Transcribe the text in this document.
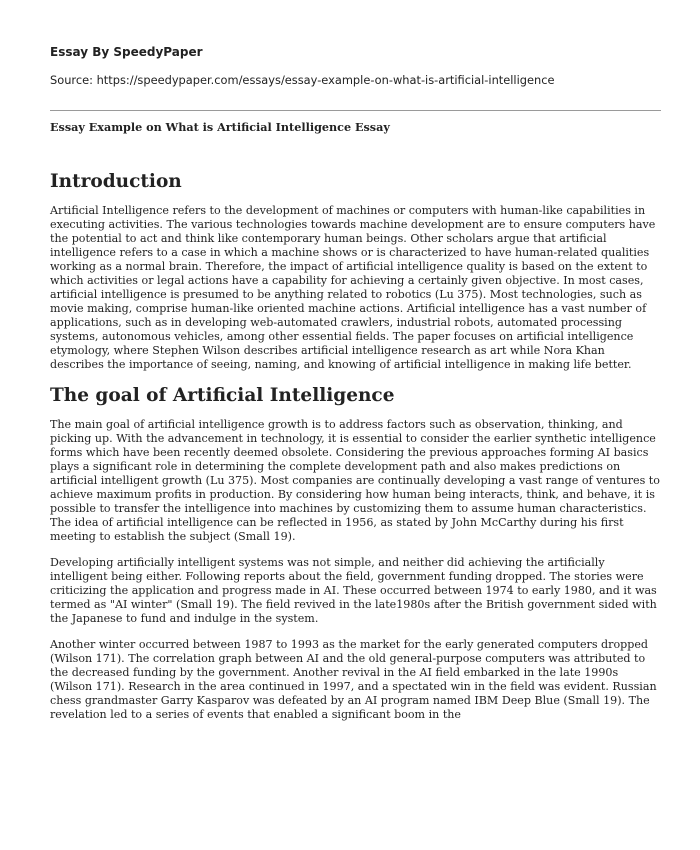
Essay By SpeedyPaper
Source: https://speedypaper.com/essays/essay-example-on-what-is-artificial-intelligence
Essay Example on What is Artificial Intelligence Essay
Introduction

Artificial Intelligence refers to the development of machines or computers with human-like capabilities in executing activities. The various technologies towards machine development are to ensure computers have the potential to act and think like contemporary human beings. Other scholars argue that artificial intelligence refers to a case in which a machine shows or is characterized to have human-related qualities working as a normal brain. Therefore, the impact of artificial intelligence quality is based on the extent to which activities or legal actions have a capability for achieving a certainly given objective. In most cases, artificial intelligence is presumed to be anything related to robotics (Lu 375). Most technologies, such as movie making, comprise human-like oriented machine actions. Artificial intelligence has a vast number of applications, such as in developing web-automated crawlers, industrial robots, automated processing systems, autonomous vehicles, among other essential fields. The paper focuses on artificial intelligence etymology, where Stephen Wilson describes artificial intelligence research as art while Nora Khan describes the importance of seeing, naming, and knowing of artificial intelligence in making life better.

The goal of Artificial Intelligence

The main goal of artificial intelligence growth is to address factors such as observation, thinking, and picking up. With the advancement in technology, it is essential to consider the earlier synthetic intelligence forms which have been recently deemed obsolete. Considering the previous approaches forming AI basics plays a significant role in determining the complete development path and also makes predictions on artificial intelligent growth (Lu 375). Most companies are continually developing a vast range of ventures to achieve maximum profits in production. By considering how human being interacts, think, and behave, it is possible to transfer the intelligence into machines by customizing them to assume human characteristics. The idea of artificial intelligence can be reflected in 1956, as stated by John McCarthy during his first meeting to establish the subject (Small 19).

Developing artificially intelligent systems was not simple, and neither did achieving the artificially intelligent being either. Following reports about the field, government funding dropped. The stories were criticizing the application and progress made in AI. These occurred between 1974 to early 1980, and it was termed as "AI winter" (Small 19). The field revived in the late1980s after the British government sided with the Japanese to fund and indulge in the system.

Another winter occurred between 1987 to 1993 as the market for the early generated computers dropped (Wilson 171). The correlation graph between AI and the old general-purpose computers was attributed to the decreased funding by the government. Another revival in the AI field embarked in the late 1990s (Wilson 171). Research in the area continued in 1997, and a spectated win in the field was evident. Russian chess grandmaster Garry Kasparov was defeated by an AI program named IBM Deep Blue (Small 19). The revelation led to a series of events that enabled a significant boom in the
